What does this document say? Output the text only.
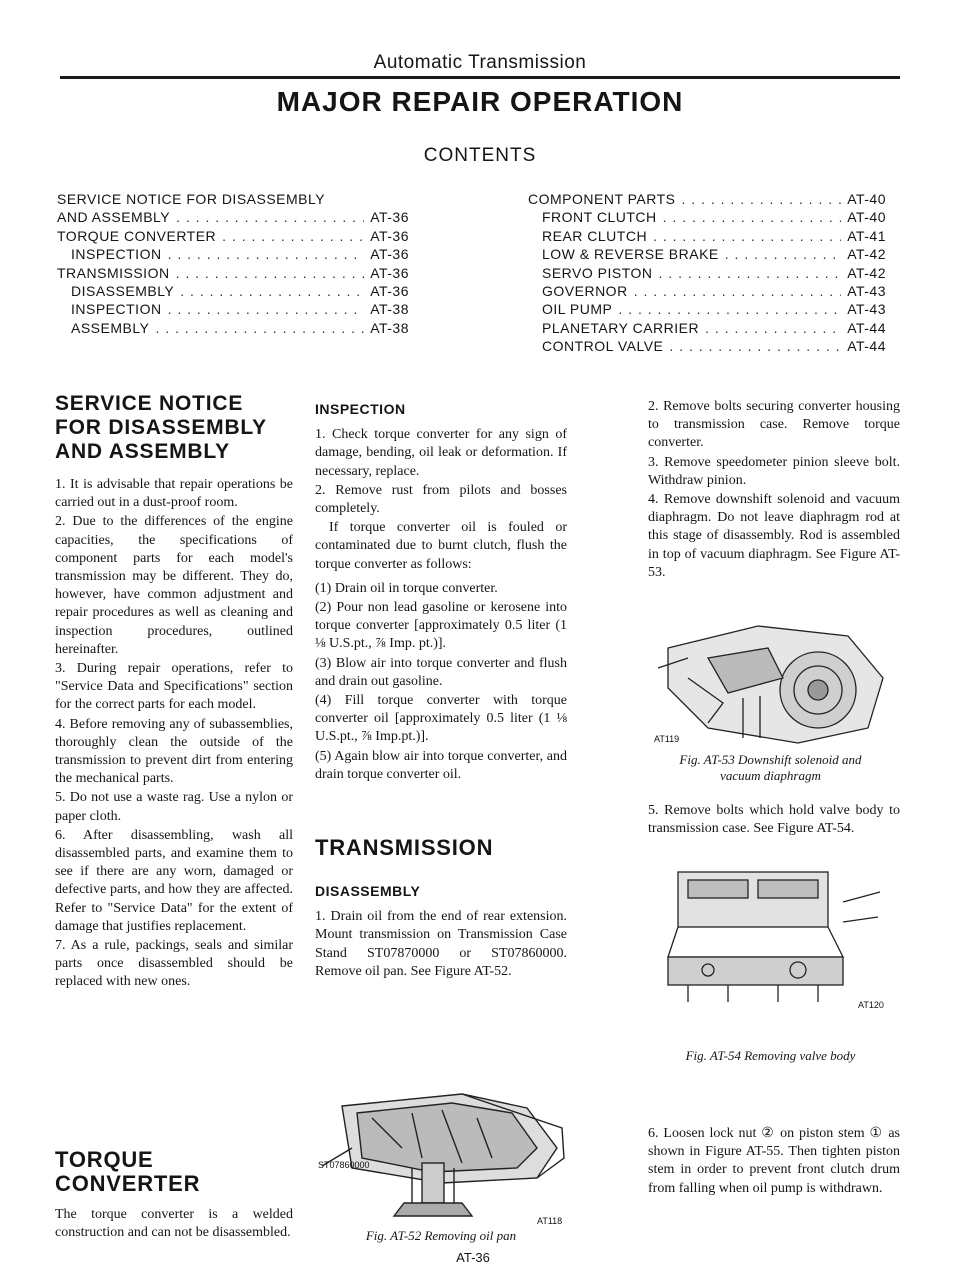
Automatic Transmission
MAJOR REPAIR OPERATION
CONTENTS
SERVICE NOTICE FOR DISASSEMBLY
AND ASSEMBLY . . .	AT-36
TORQUE CONVERTER . . .	AT-36
INSPECTION . . .	AT-36
TRANSMISSION . . .	AT-36
DISASSEMBLY . . .	AT-36
INSPECTION . . .	AT-38
ASSEMBLY . . .	AT-38
COMPONENT PARTS . . .	AT-40
FRONT CLUTCH . . .	AT-40
REAR CLUTCH . . .	AT-41
LOW & REVERSE BRAKE . . .	AT-42
SERVO PISTON . . .	AT-42
GOVERNOR . . .	AT-43
OIL PUMP . . .	AT-43
PLANETARY CARRIER . . .	AT-44
CONTROL VALVE . . .	AT-44
SERVICE NOTICE
FOR DISASSEMBLY
AND ASSEMBLY

1. It is advisable that repair operations be carried out in a dust-proof room.

2. Due to the differences of the engine capacities, the specifications of component parts for each model's transmission may be different. They do, however, have common adjustment and repair procedures as well as cleaning and inspection procedures, outlined hereinafter.

3. During repair operations, refer to "Service Data and Specifications" section for the correct parts for each model.

4. Before removing any of subassemblies, thoroughly clean the outside of the transmission to prevent dirt from entering the mechanical parts.

5. Do not use a waste rag. Use a nylon or paper cloth.

6. After disassembling, wash all disassembled parts, and examine them to see if there are any worn, damaged or defective parts, and how they are affected. Refer to "Service Data" for the extent of damage that justifies replacement.

7. As a rule, packings, seals and similar parts once disassembled should be replaced with new ones.

TORQUE CONVERTER

The torque converter is a welded construction and can not be disassembled.

INSPECTION

1. Check torque converter for any sign of damage, bending, oil leak or deformation. If necessary, replace.

2. Remove rust from pilots and bosses completely.

If torque converter oil is fouled or contaminated due to burnt clutch, flush the torque converter as follows:

(1) Drain oil in torque converter.

(2) Pour non lead gasoline or kerosene into torque converter [approximately 0.5 liter (1 ⅛ U.S.pt., ⅞ Imp. pt.)].

(3) Blow air into torque converter and flush and drain out gasoline.

(4) Fill torque converter with torque converter oil [approximately 0.5 liter (1 ⅛ U.S.pt., ⅞ Imp.pt.)].

(5) Again blow air into torque converter, and drain torque converter oil.

TRANSMISSION
DISASSEMBLY

1. Drain oil from the end of rear extension. Mount transmission on Transmission Case Stand ST07870000 or ST07860000. Remove oil pan. See Figure AT-52.

ST07860000
AT118
Fig. AT-52 Removing oil pan
AT-36

2. Remove bolts securing converter housing to transmission case. Remove torque converter.

3. Remove speedometer pinion sleeve bolt. Withdraw pinion.

4. Remove downshift solenoid and vacuum diaphragm. Do not leave diaphragm rod at this stage of disassembly. Rod is assembled in top of vacuum diaphragm. See Figure AT-53.

AT119
Fig. AT-53 Downshift solenoid and
vacuum diaphragm

5. Remove bolts which hold valve body to transmission case. See Figure AT-54.

AT120
Fig. AT-54 Removing valve body

6. Loosen lock nut ② on piston stem ① as shown in Figure AT-55. Then tighten piston stem in order to prevent front clutch drum from falling when oil pump is withdrawn.
